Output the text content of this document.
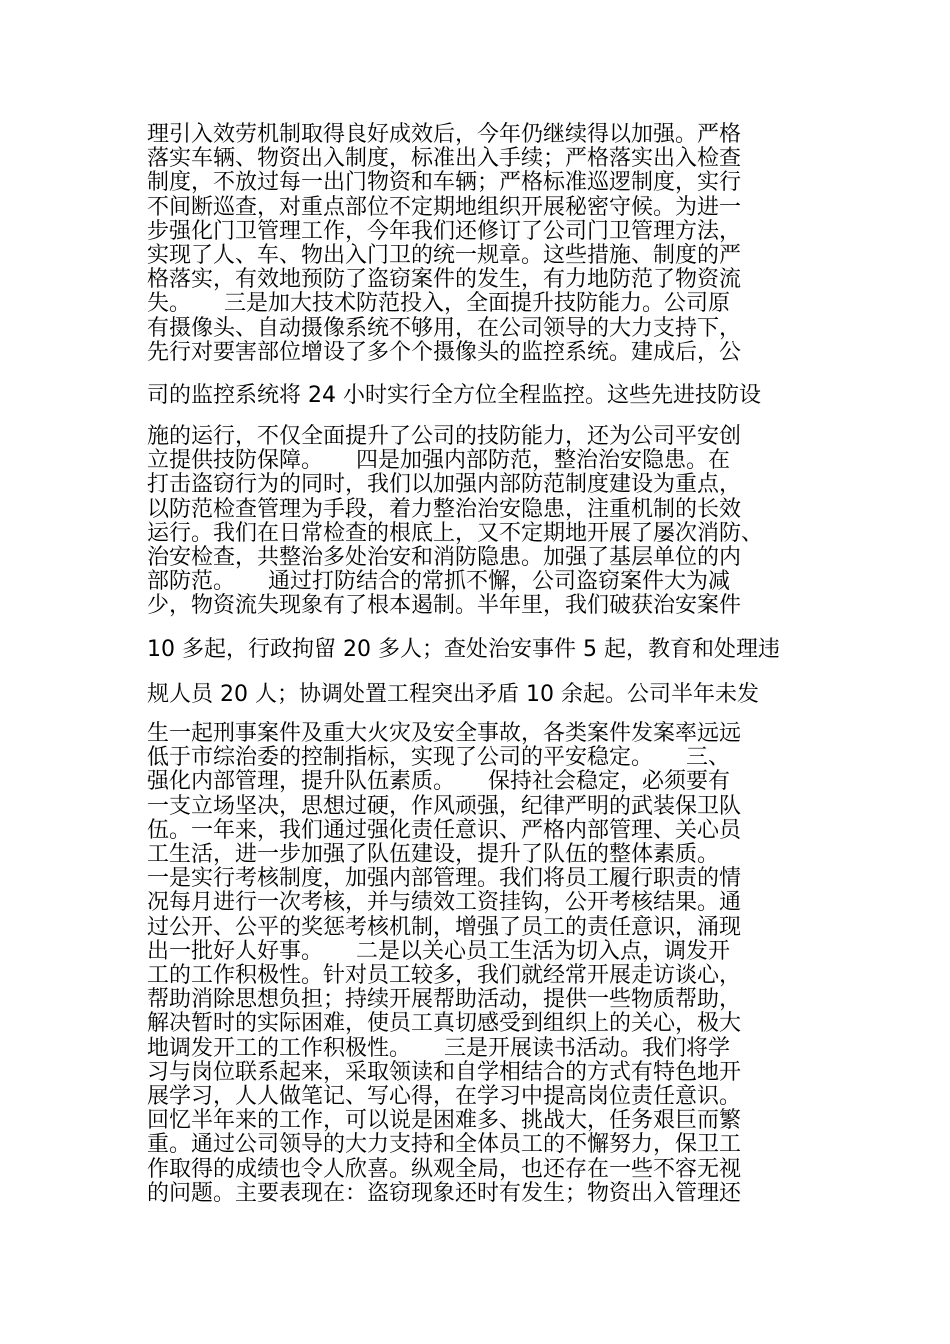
理引入效劳机制取得良好成效后，今年仍继续得以加强。严格
落实车辆、物资出入制度，标准出入手续；严格落实出入检查
制度，不放过每一出门物资和车辆；严格标准巡逻制度，实行
不间断巡查，对重点部位不定期地组织开展秘密守候。为进一
步强化门卫管理工作，今年我们还修订了公司门卫管理方法，
实现了人、车、物出入门卫的统一规章。这些措施、制度的严
格落实，有效地预防了盗窃案件的发生，有力地防范了物资流
失。　　三是加大技术防范投入，全面提升技防能力。公司原
有摄像头、自动摄像系统不够用，在公司领导的大力支持下，
先行对要害部位增设了多个个摄像头的监控系统。建成后，公
司的监控系统将 24 小时实行全方位全程监控。这些先进技防设
施的运行，不仅全面提升了公司的技防能力，还为公司平安创
立提供技防保障。　　四是加强内部防范，整治治安隐患。在
打击盗窃行为的同时，我们以加强内部防范制度建设为重点，
以防范检查管理为手段，着力整治治安隐患，注重机制的长效
运行。我们在日常检查的根底上，又不定期地开展了屡次消防、
治安检查，共整治多处治安和消防隐患。加强了基层单位的内
部防范。　　通过打防结合的常抓不懈，公司盗窃案件大为减
少，物资流失现象有了根本遏制。半年里，我们破获治安案件
10 多起，行政拘留 20 多人；查处治安事件 5 起，教育和处理违
规人员 20 人；协调处置工程突出矛盾 10 余起。公司半年未发
生一起刑事案件及重大火灾及安全事故，各类案件发案率远远
低于市综治委的控制指标，实现了公司的平安稳定。　　三、
强化内部管理，提升队伍素质。　　保持社会稳定，必须要有
一支立场坚决，思想过硬，作风顽强，纪律严明的武装保卫队
伍。一年来，我们通过强化责任意识、严格内部管理、关心员
工生活，进一步加强了队伍建设，提升了队伍的整体素质。
一是实行考核制度，加强内部管理。我们将员工履行职责的情
况每月进行一次考核，并与绩效工资挂钩，公开考核结果。通
过公开、公平的奖惩考核机制，增强了员工的责任意识，涌现
出一批好人好事。　　二是以关心员工生活为切入点，调发开
工的工作积极性。针对员工较多，我们就经常开展走访谈心，
帮助消除思想负担；持续开展帮助活动，提供一些物质帮助，
解决暂时的实际困难，使员工真切感受到组织上的关心，极大
地调发开工的工作积极性。　　三是开展读书活动。我们将学
习与岗位联系起来，采取领读和自学相结合的方式有特色地开
展学习，人人做笔记、写心得，在学习中提高岗位责任意识。
回忆半年来的工作，可以说是困难多、挑战大，任务艰巨而繁
重。通过公司领导的大力支持和全体员工的不懈努力，保卫工
作取得的成绩也令人欣喜。纵观全局，也还存在一些不容无视
的问题。主要表现在：盗窃现象还时有发生；物资出入管理还
